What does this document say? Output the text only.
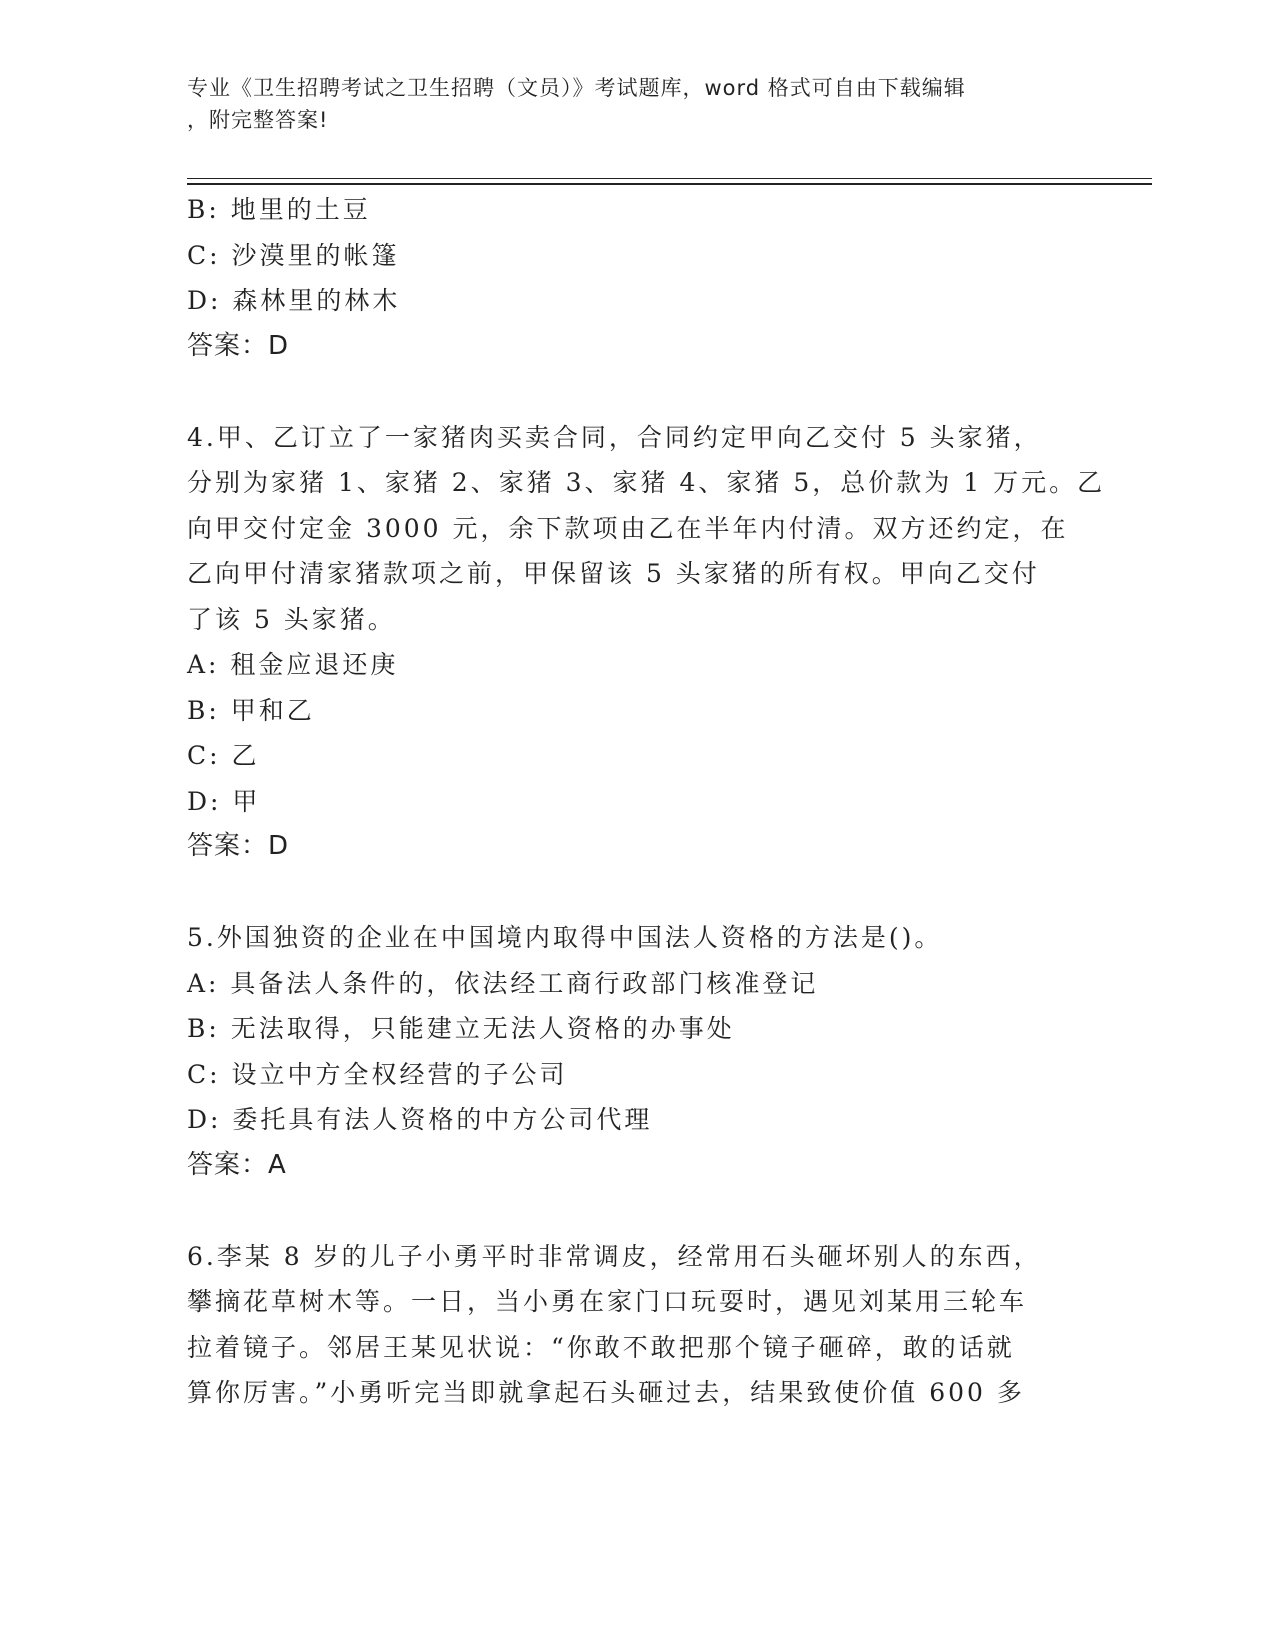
专业《卫生招聘考试之卫生招聘（文员）》考试题库，word 格式可自由下载编辑
，附完整答案!
B: 地里的土豆
C: 沙漠里的帐篷
D: 森林里的林木
答案：D
4.甲、乙订立了一家猪肉买卖合同，合同约定甲向乙交付 5 头家猪，
分别为家猪 1、家猪 2、家猪 3、家猪 4、家猪 5，总价款为 1 万元。乙
向甲交付定金 3000 元，余下款项由乙在半年内付清。双方还约定，在
乙向甲付清家猪款项之前，甲保留该 5 头家猪的所有权。甲向乙交付
了该 5 头家猪。
A: 租金应退还庚
B: 甲和乙
C: 乙
D: 甲
答案：D
5.外国独资的企业在中国境内取得中国法人资格的方法是()。
A: 具备法人条件的，依法经工商行政部门核准登记
B: 无法取得，只能建立无法人资格的办事处
C: 设立中方全权经营的子公司
D: 委托具有法人资格的中方公司代理
答案：A
6.李某 8 岁的儿子小勇平时非常调皮，经常用石头砸坏别人的东西，
攀摘花草树木等。一日，当小勇在家门口玩耍时，遇见刘某用三轮车
拉着镜子。邻居王某见状说：“你敢不敢把那个镜子砸碎，敢的话就
算你厉害。”小勇听完当即就拿起石头砸过去，结果致使价值 600 多
